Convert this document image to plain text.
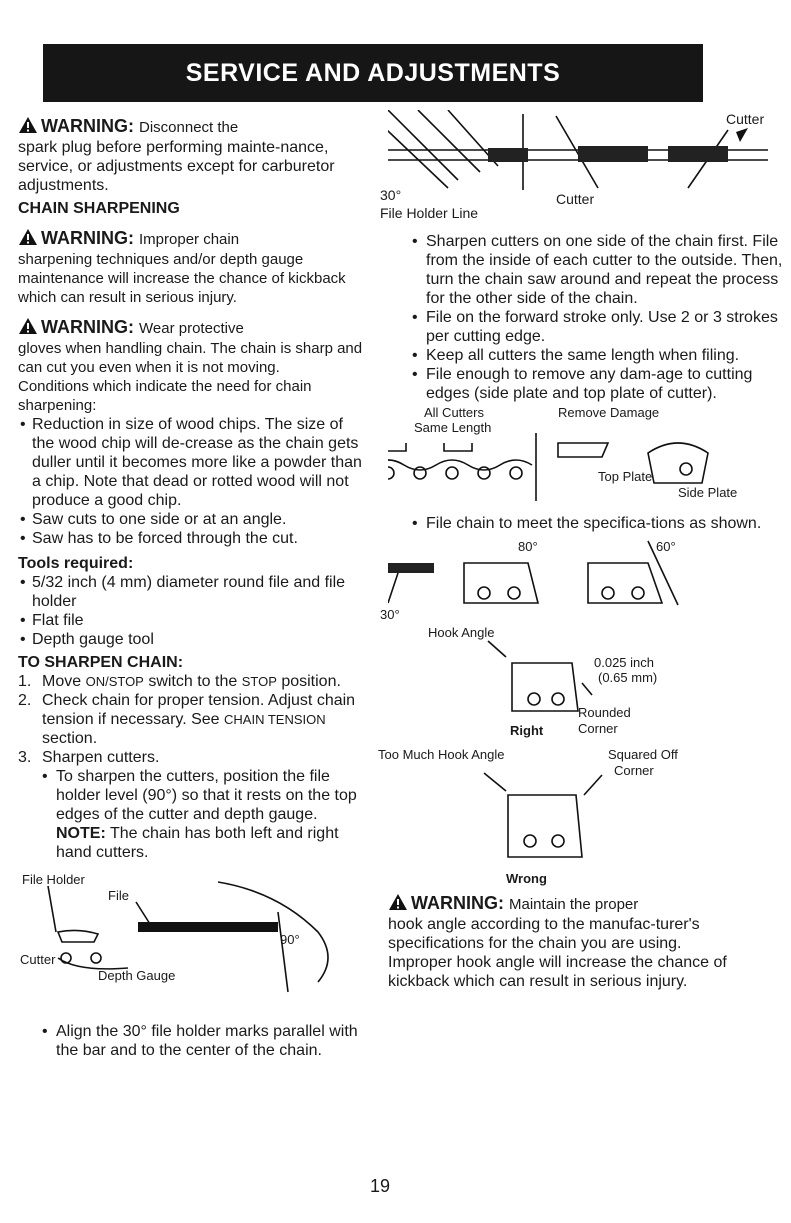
SERVICE AND ADJUSTMENTS
WARNING: Disconnect the

spark plug before performing mainte-nance, service, or adjustments except for carburetor adjustments.

CHAIN SHARPENING

WARNING: Improper chain

sharpening techniques and/or depth gauge maintenance will increase the chance of kickback which can result in serious injury.

WARNING: Wear protective

gloves when handling chain. The chain is sharp and can cut you even when it is not moving.

Conditions which indicate the need for chain sharpening:

• Reduction in size of wood chips. The size of the wood chip will de-crease as the chain gets duller until it becomes more like a powder than a chip. Note that dead or rotted wood will not produce a good chip.

• Saw cuts to one side or at an angle.

• Saw has to be forced through the cut.

Tools required:

• 5/32 inch (4 mm) diameter round file and file holder

• Flat file

• Depth gauge tool

TO SHARPEN CHAIN:

1. Move ON/STOP switch to the STOP position.

2. Check chain for proper tension. Adjust chain tension if necessary. See CHAIN TENSION section.

3. Sharpen cutters.

• To sharpen the cutters, position the file holder level (90°) so that it rests on the top edges of the cutter and depth gauge.

NOTE: The chain has both left and right hand cutters.

File Holder
File
Cutter
Depth Gauge
90°

• Align the 30° file holder marks parallel with the bar and to the center of the chain.

Cutter
Cutter
30°
File Holder Line

• Sharpen cutters on one side of the chain first. File from the inside of each cutter to the outside. Then, turn the chain saw around and repeat the process for the other side of the chain.

• File on the forward stroke only. Use 2 or 3 strokes per cutting edge.

• Keep all cutters the same length when filing.

• File enough to remove any dam-age to cutting edges (side plate and top plate of cutter).

All Cutters
Same Length
Remove Damage
Top Plate
Side Plate

• File chain to meet the specifica-tions as shown.

80°	60°
30°
Hook Angle
0.025 inch
(0.65 mm)
Rounded
Corner
Right
Too Much Hook Angle	Squared Off
Corner
Wrong
WARNING: Maintain the proper

hook angle according to the manufac-turer's specifications for the chain you are using. Improper hook angle will increase the chance of kickback which can result in serious injury.

19
